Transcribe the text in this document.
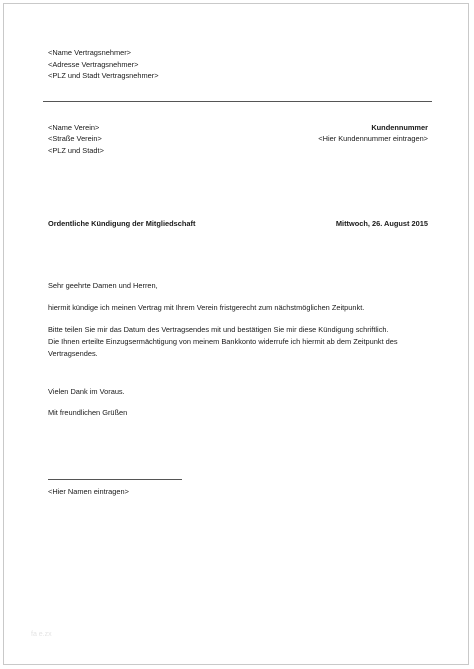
<Name Vertragsnehmer>
<Adresse Vertragsnehmer>
<PLZ und Stadt Vertragsnehmer>
<Name Verein>
<Straße Verein>
<PLZ und Stadt>
Kundennummer
<Hier Kundennummer eintragen>
Ordentliche Kündigung der Mitgliedschaft	Mittwoch, 26. August 2015
Sehr geehrte Damen und Herren,
hiermit kündige ich meinen Vertrag mit Ihrem Verein fristgerecht zum nächstmöglichen Zeitpunkt.
Bitte teilen Sie mir das Datum des Vertragsendes mit und bestätigen Sie mir diese Kündigung schriftlich.
Die Ihnen erteilte Einzugsermächtigung von meinem Bankkonto widerrufe ich hiermit ab dem Zeitpunkt des
Vertragsendes.
Vielen Dank im Voraus.
Mit freundlichen Grüßen
<Hier Namen eintragen>
fa e.zx
